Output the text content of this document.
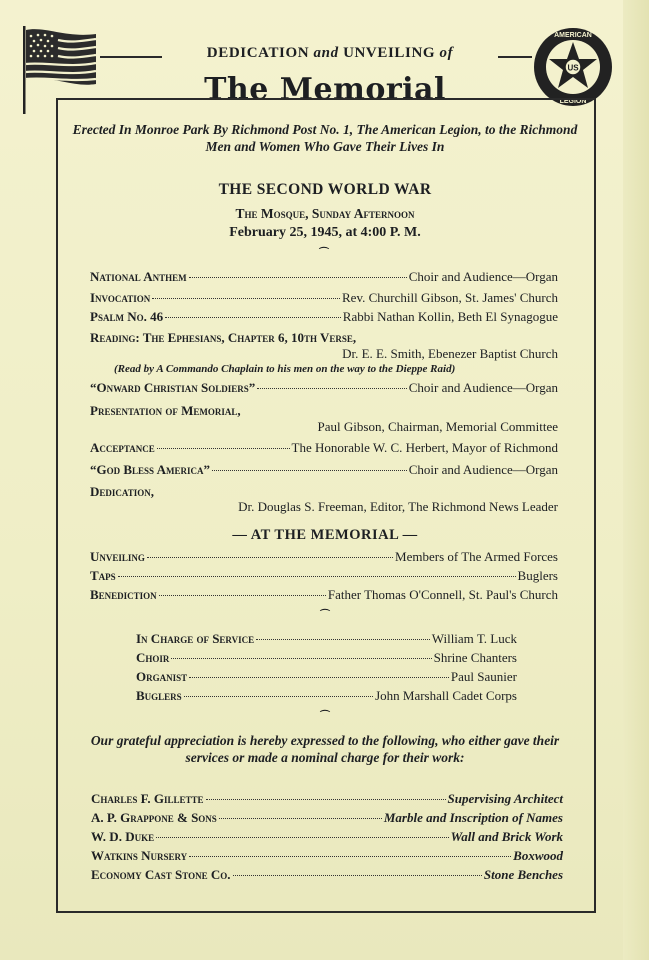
US
AMERICAN
LEGION
DEDICATION and UNVEILING of
The Memorial
Erected In Monroe Park By Richmond Post No. 1, The American Legion, to the Richmond Men and Women Who Gave Their Lives In
THE SECOND WORLD WAR
The Mosque, Sunday Afternoon
February 25, 1945, at 4:00 P. M.
⌒
National Anthem	Choir and Audience—Organ
Invocation	Rev. Churchill Gibson, St. James' Church
Psalm No. 46	Rabbi Nathan Kollin, Beth El Synagogue
Reading: The Ephesians, Chapter 6, 10th Verse,
Dr. E. E. Smith, Ebenezer Baptist Church
(Read by A Commando Chaplain to his men on the way to the Dieppe Raid)
“Onward Christian Soldiers”	Choir and Audience—Organ
Presentation of Memorial,
Paul Gibson, Chairman, Memorial Committee
Acceptance	The Honorable W. C. Herbert, Mayor of Richmond
“God Bless America”	Choir and Audience—Organ
Dedication,
Dr. Douglas S. Freeman, Editor, The Richmond News Leader
— AT THE MEMORIAL —
Unveiling	Members of The Armed Forces
Taps	Buglers
Benediction	Father Thomas O'Connell, St. Paul's Church
⌒
In Charge of Service	William T. Luck
Choir	Shrine Chanters
Organist	Paul Saunier
Buglers	John Marshall Cadet Corps
⌒
Our grateful appreciation is hereby expressed to the following, who either gave their services or made a nominal charge for their work:
Charles F. Gillette	Supervising Architect
A. P. Grappone & Sons	Marble and Inscription of Names
W. D. Duke	Wall and Brick Work
Watkins Nursery	Boxwood
Economy Cast Stone Co.	Stone Benches
